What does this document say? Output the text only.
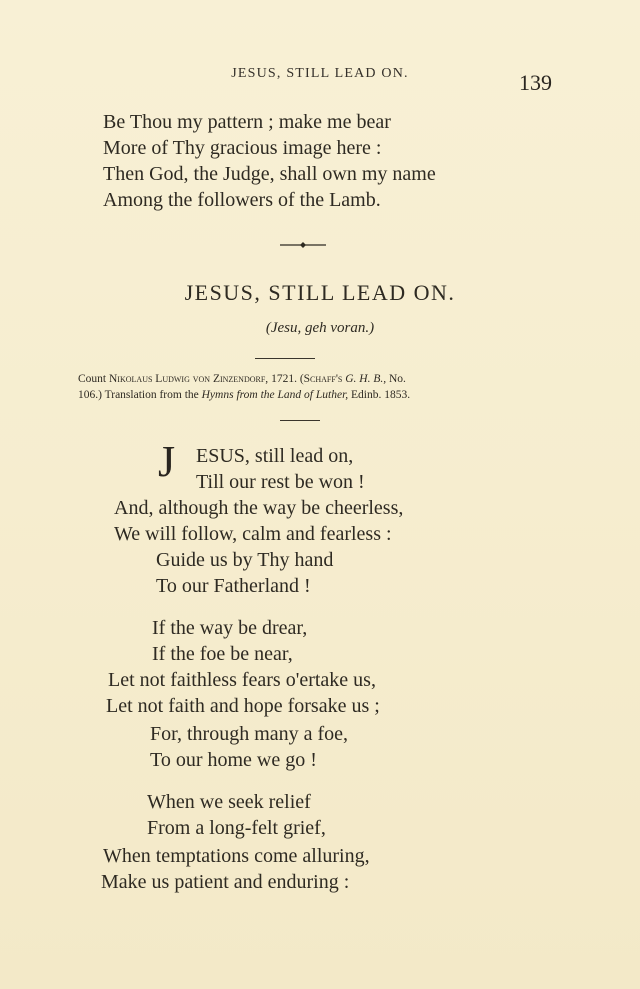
JESUS, STILL LEAD ON.	139
Be Thou my pattern ; make me bear
More of Thy gracious image here :
Then God, the Judge, shall own my name
Among the followers of the Lamb.
JESUS, STILL LEAD ON.
(Jesu, geh voran.)
Count Nikolaus Ludwig von Zinzendorf, 1721. (Schaff's G. H. B., No.
106.) Translation from the Hymns from the Land of Luther, Edinb. 1853.
J ESUS, still lead on,
Till our rest be won !
And, although the way be cheerless,
We will follow, calm and fearless :
Guide us by Thy hand
To our Fatherland !
If the way be drear,
If the foe be near,
Let not faithless fears o'ertake us,
Let not faith and hope forsake us ;
For, through many a foe,
To our home we go !
When we seek relief
From a long-felt grief,
When temptations come alluring,
Make us patient and enduring :
